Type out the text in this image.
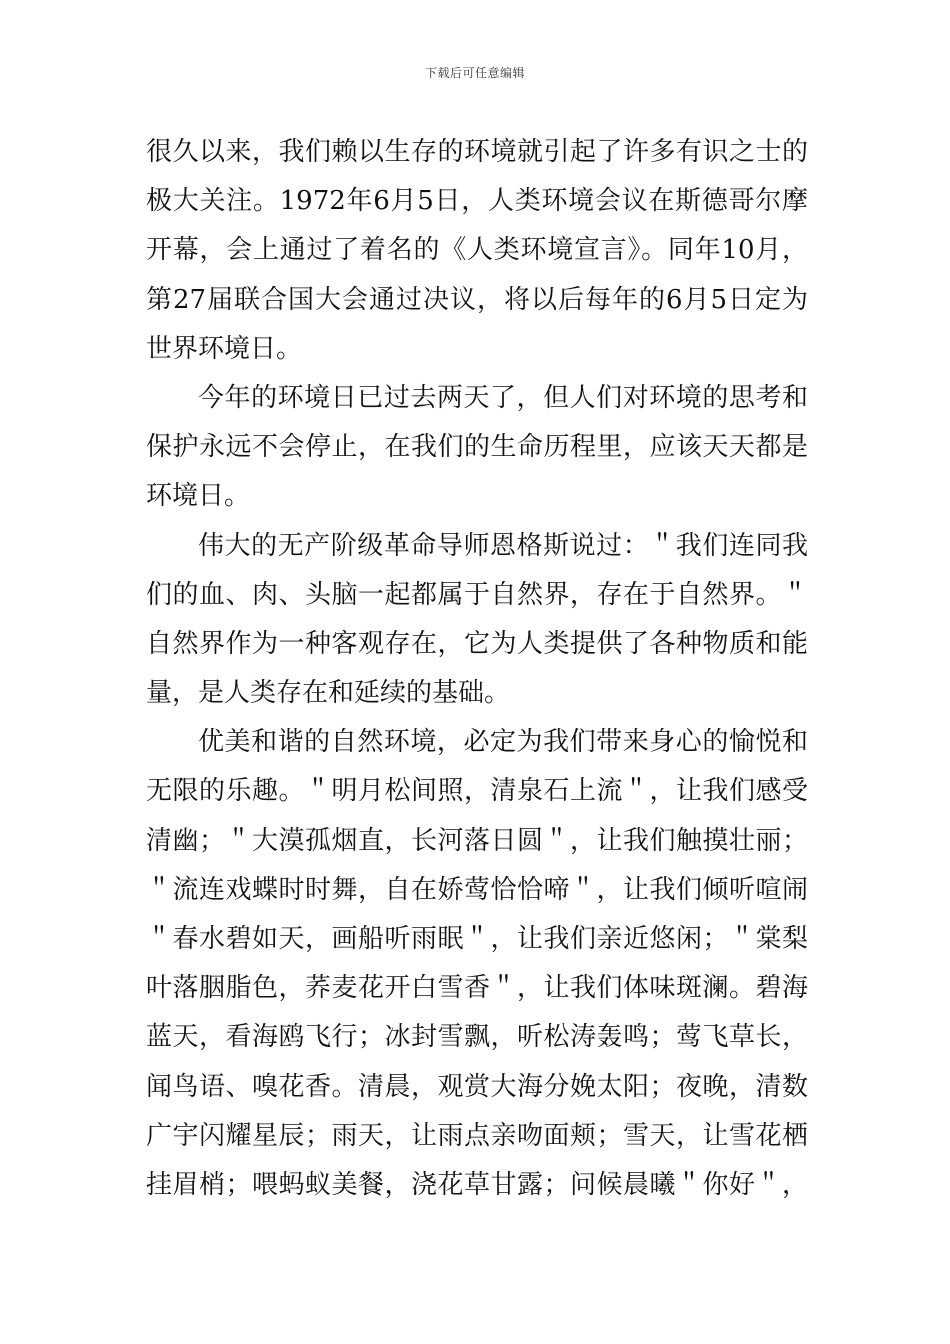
下载后可任意编辑
很久以来，我们赖以生存的环境就引起了许多有识之士的
极大关注。1972年6月5日，人类环境会议在斯德哥尔摩
开幕，会上通过了着名的《人类环境宣言》。同年10月，
第27届联合国大会通过决议，将以后每年的6月5日定为
世界环境日。
今年的环境日已过去两天了，但人们对环境的思考和
保护永远不会停止，在我们的生命历程里，应该天天都是
环境日。
伟大的无产阶级革命导师恩格斯说过：＂我们连同我
们的血、肉、头脑一起都属于自然界，存在于自然界。＂
自然界作为一种客观存在，它为人类提供了各种物质和能
量，是人类存在和延续的基础。
优美和谐的自然环境，必定为我们带来身心的愉悦和
无限的乐趣。＂明月松间照，清泉石上流＂，让我们感受
清幽；＂大漠孤烟直，长河落日圆＂，让我们触摸壮丽；
＂流连戏蝶时时舞，自在娇莺恰恰啼＂，让我们倾听喧闹
＂春水碧如天，画船听雨眠＂，让我们亲近悠闲；＂棠梨
叶落胭脂色，荞麦花开白雪香＂，让我们体味斑澜。碧海
蓝天，看海鸥飞行；冰封雪飘，听松涛轰鸣；莺飞草长，
闻鸟语、嗅花香。清晨，观赏大海分娩太阳；夜晚，清数
广宇闪耀星辰；雨天，让雨点亲吻面颊；雪天，让雪花栖
挂眉梢；喂蚂蚁美餐，浇花草甘露；问候晨曦＂你好＂，
